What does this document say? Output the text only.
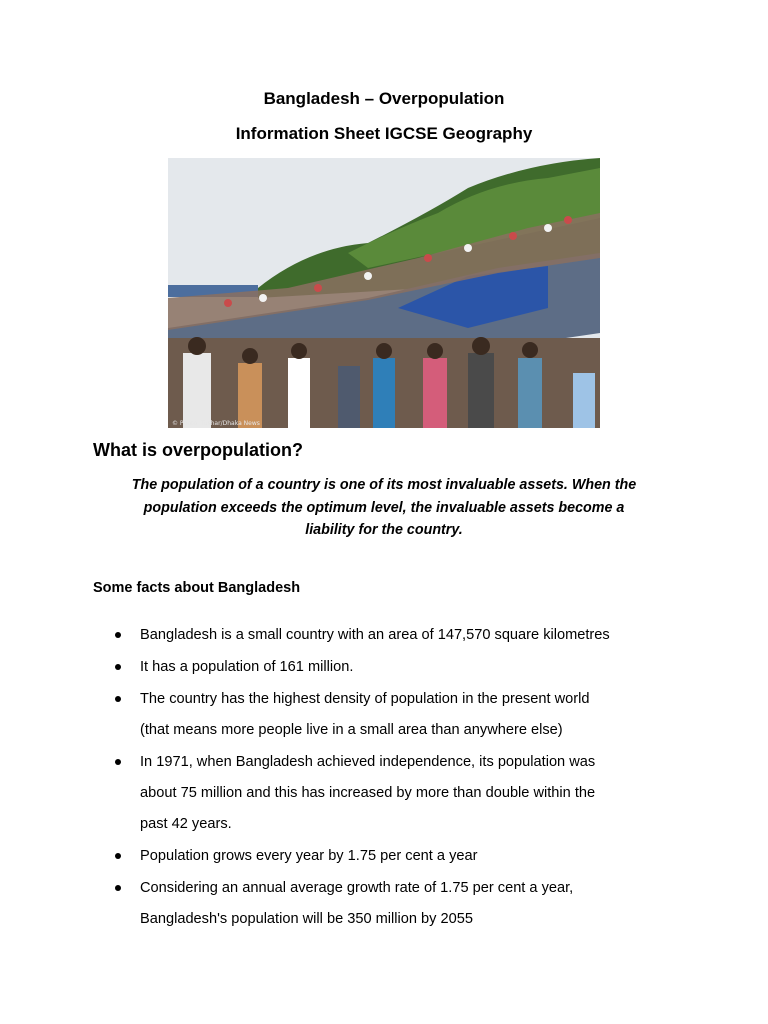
Bangladesh – Overpopulation
Information Sheet IGCSE Geography
© Photo: Tushar/Dhaka News
What is overpopulation?
The population of a country is one of its most invaluable assets. When the
population exceeds the optimum level, the invaluable assets become a
liability for the country.
Some facts about Bangladesh
Bangladesh is a small country with an area of 147,570 square kilometres
It has a population of 161 million.
The country has the highest density of population in the present world
(that means more people live in a small area than anywhere else)
In 1971, when Bangladesh achieved independence, its population was
about 75 million and this has increased by more than double within the
past 42 years.
Population grows every year by 1.75 per cent a year
Considering an annual average growth rate of 1.75 per cent a year,
Bangladesh's population will be 350 million by 2055
